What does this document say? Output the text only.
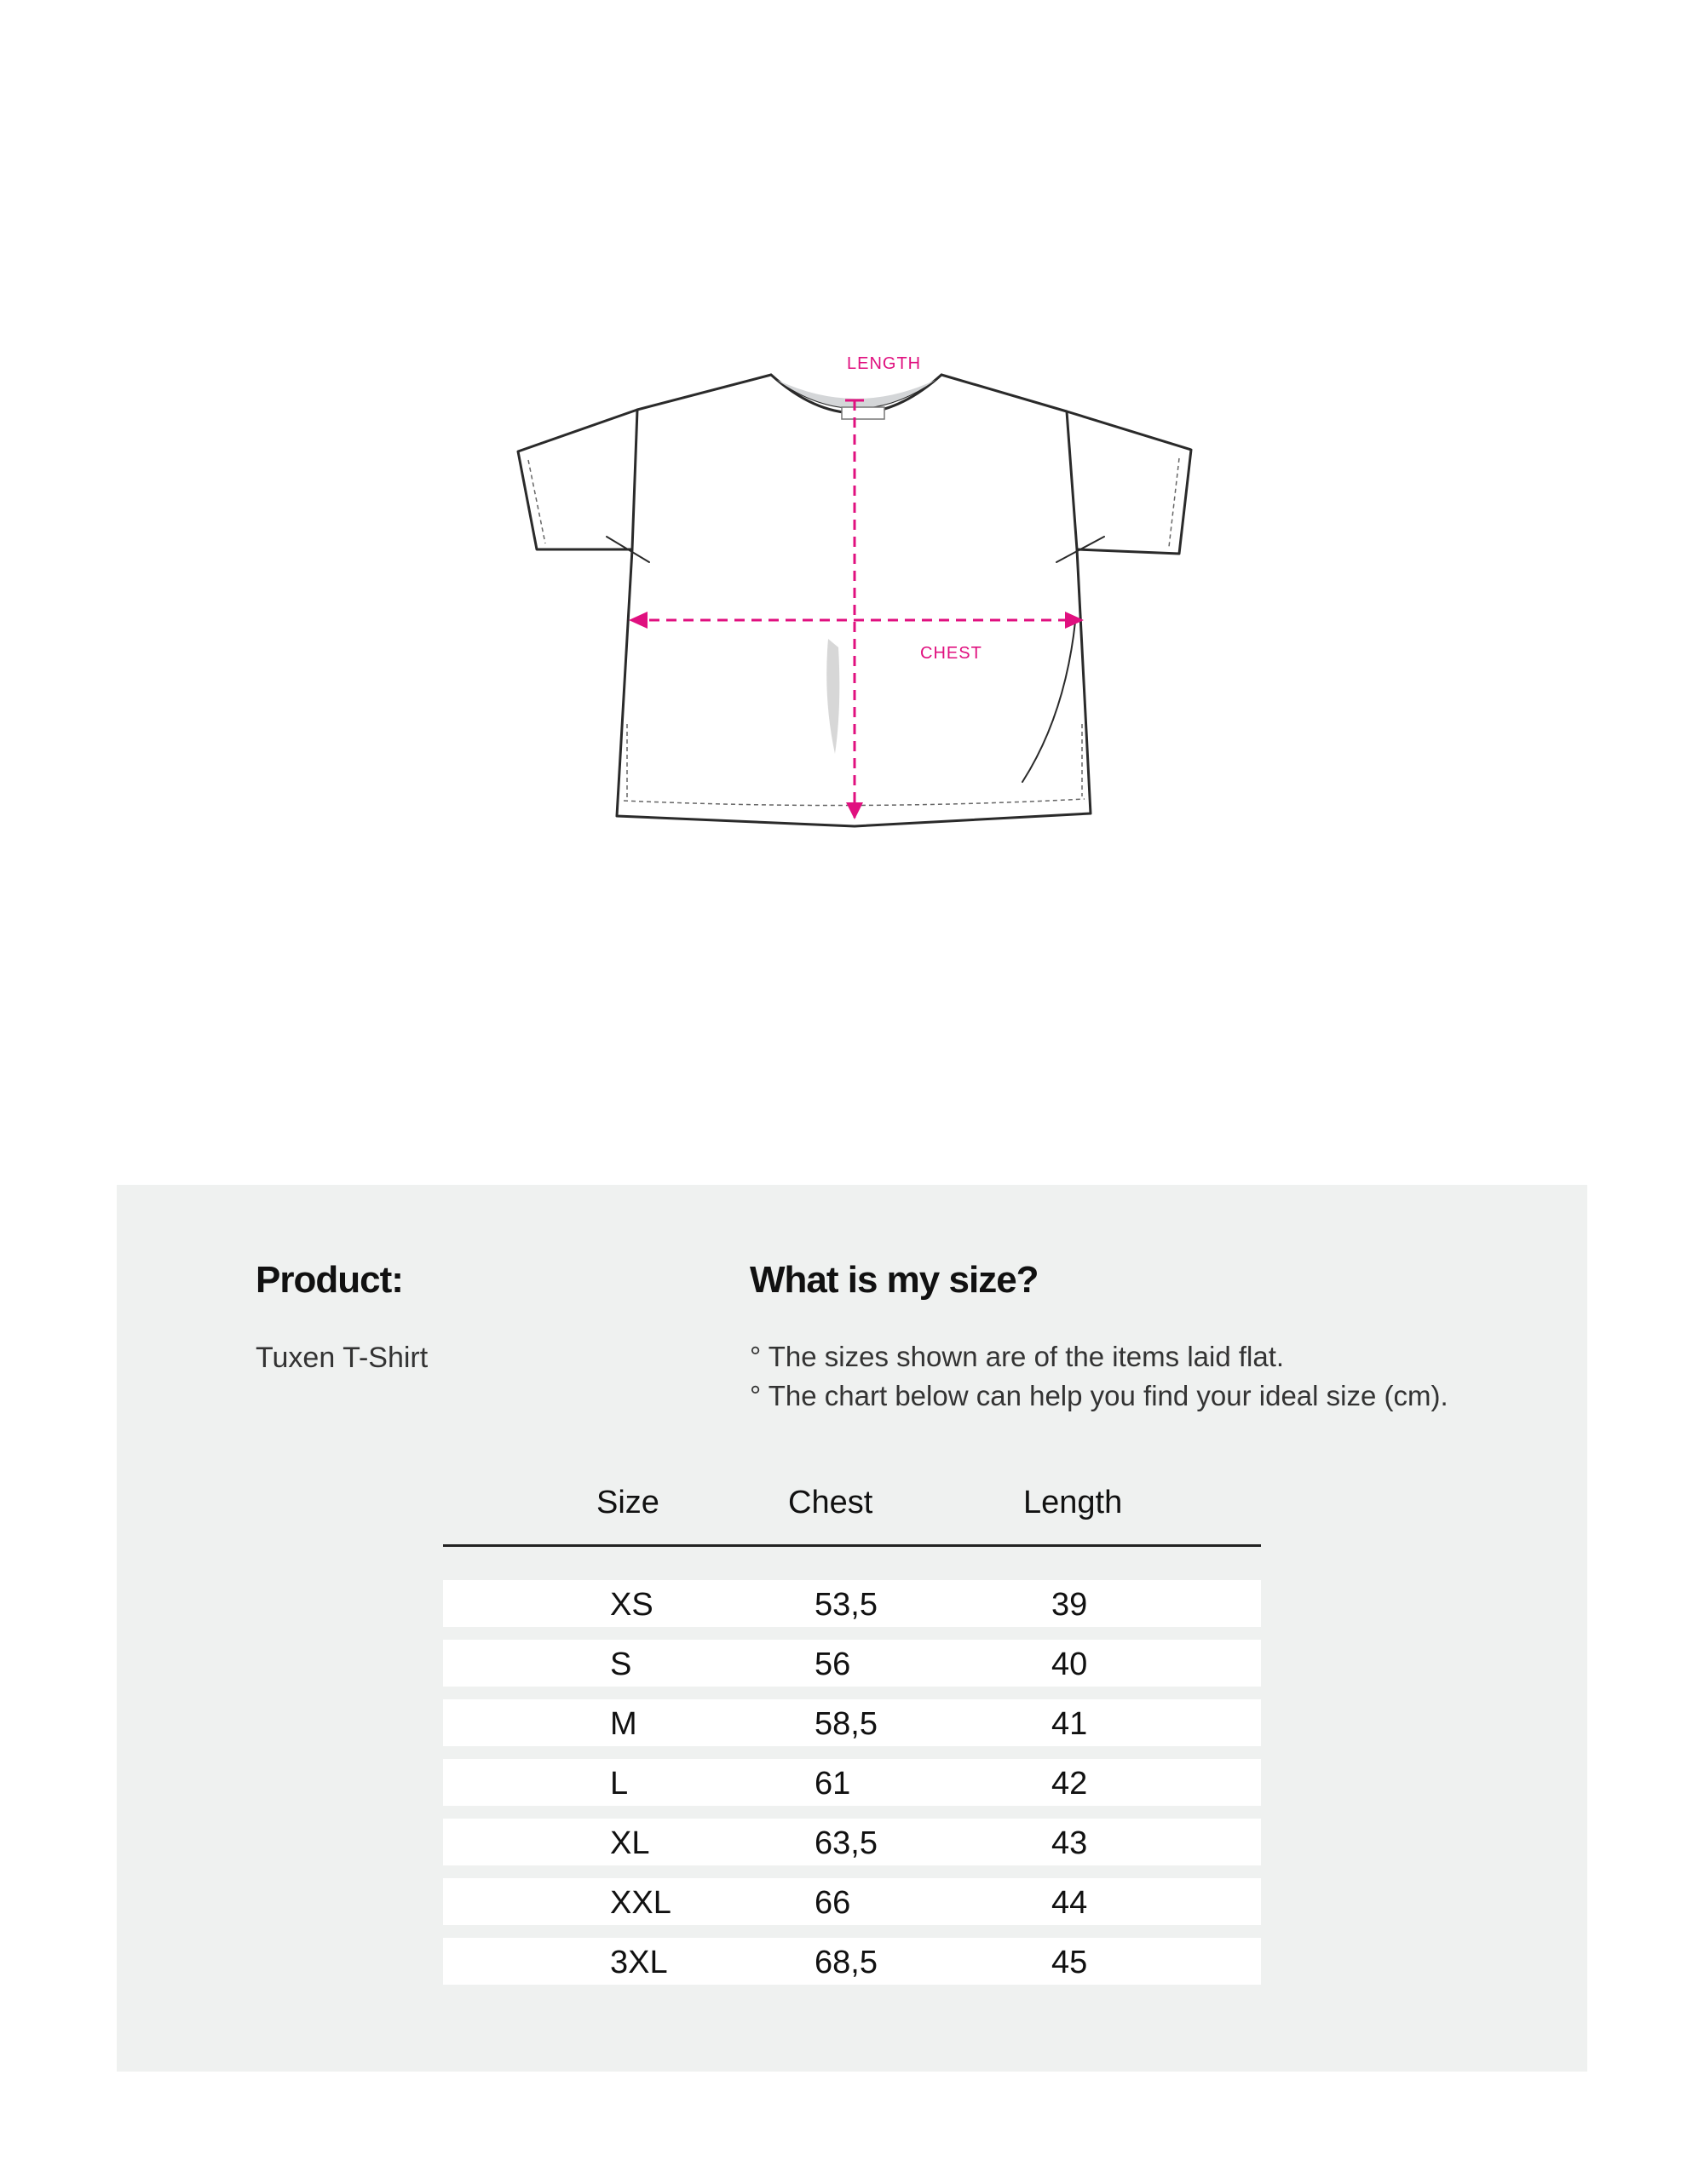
LENGTH
CHEST
Product:
Tuxen T-Shirt
What is my size?
° The sizes shown are of the items laid flat.
° The chart below can help you find your ideal size (cm).
Size	Chest	Length
XS	53,5	39
S	56	40
M	58,5	41
L	61	42
XL	63,5	43
XXL	66	44
3XL	68,5	45
